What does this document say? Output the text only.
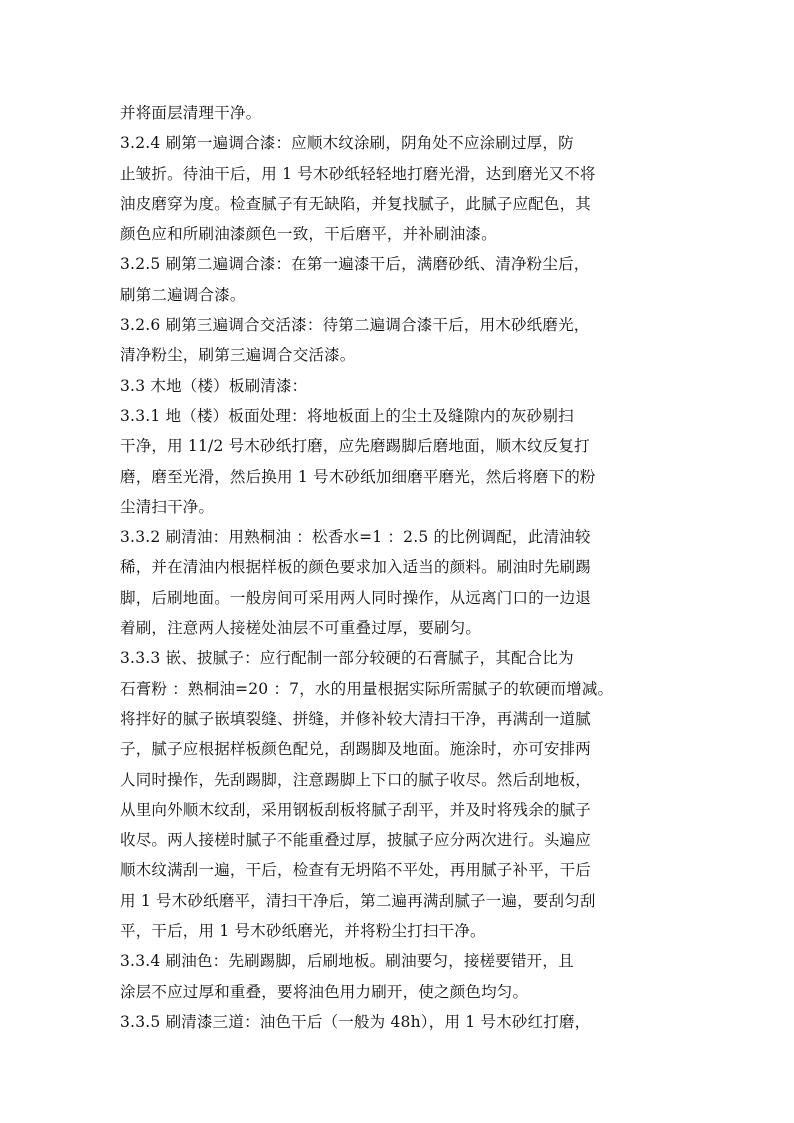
并将面层清理干净。
3.2.4 刷第一遍调合漆：应顺木纹涂刷，阴角处不应涂刷过厚，防
止皱折。待油干后，用 1 号木砂纸轻轻地打磨光滑，达到磨光又不将
油皮磨穿为度。检查腻子有无缺陷，并复找腻子，此腻子应配色，其
颜色应和所刷油漆颜色一致，干后磨平，并补刷油漆。
3.2.5 刷第二遍调合漆：在第一遍漆干后，满磨砂纸、清净粉尘后，
刷第二遍调合漆。
3.2.6 刷第三遍调合交活漆：待第二遍调合漆干后，用木砂纸磨光，
清净粉尘，刷第三遍调合交活漆。
3.3 木地（楼）板刷清漆：
3.3.1 地（楼）板面处理：将地板面上的尘土及缝隙内的灰砂剔扫
干净，用 11/2 号木砂纸打磨，应先磨踢脚后磨地面，顺木纹反复打
磨，磨至光滑，然后换用 1 号木砂纸加细磨平磨光，然后将磨下的粉
尘清扫干净。
3.3.2 刷清油：用熟桐油 ：松香水=1 ：2.5 的比例调配，此清油较
稀，并在清油内根据样板的颜色要求加入适当的颜料。刷油时先刷踢
脚，后刷地面。一般房间可采用两人同时操作，从远离门口的一边退
着刷，注意两人接槎处油层不可重叠过厚，要刷匀。
3.3.3 嵌、披腻子：应行配制一部分较硬的石膏腻子，其配合比为
石膏粉 ：熟桐油=20 ：7，水的用量根据实际所需腻子的软硬而增减。
将拌好的腻子嵌填裂缝、拼缝，并修补较大清扫干净，再满刮一道腻
子，腻子应根据样板颜色配兑，刮踢脚及地面。施涂时，亦可安排两
人同时操作，先刮踢脚，注意踢脚上下口的腻子收尽。然后刮地板，
从里向外顺木纹刮，采用钢板刮板将腻子刮平，并及时将残余的腻子
收尽。两人接槎时腻子不能重叠过厚，披腻子应分两次进行。头遍应
顺木纹满刮一遍，干后，检查有无坍陷不平处，再用腻子补平，干后
用 1 号木砂纸磨平，清扫干净后，第二遍再满刮腻子一遍，要刮匀刮
平，干后，用 1 号木砂纸磨光，并将粉尘打扫干净。
3.3.4 刷油色：先刷踢脚，后刷地板。刷油要匀，接槎要错开，且
涂层不应过厚和重叠，要将油色用力刷开，使之颜色均匀。
3.3.5 刷清漆三道：油色干后（一般为 48h），用 1 号木砂红打磨，
